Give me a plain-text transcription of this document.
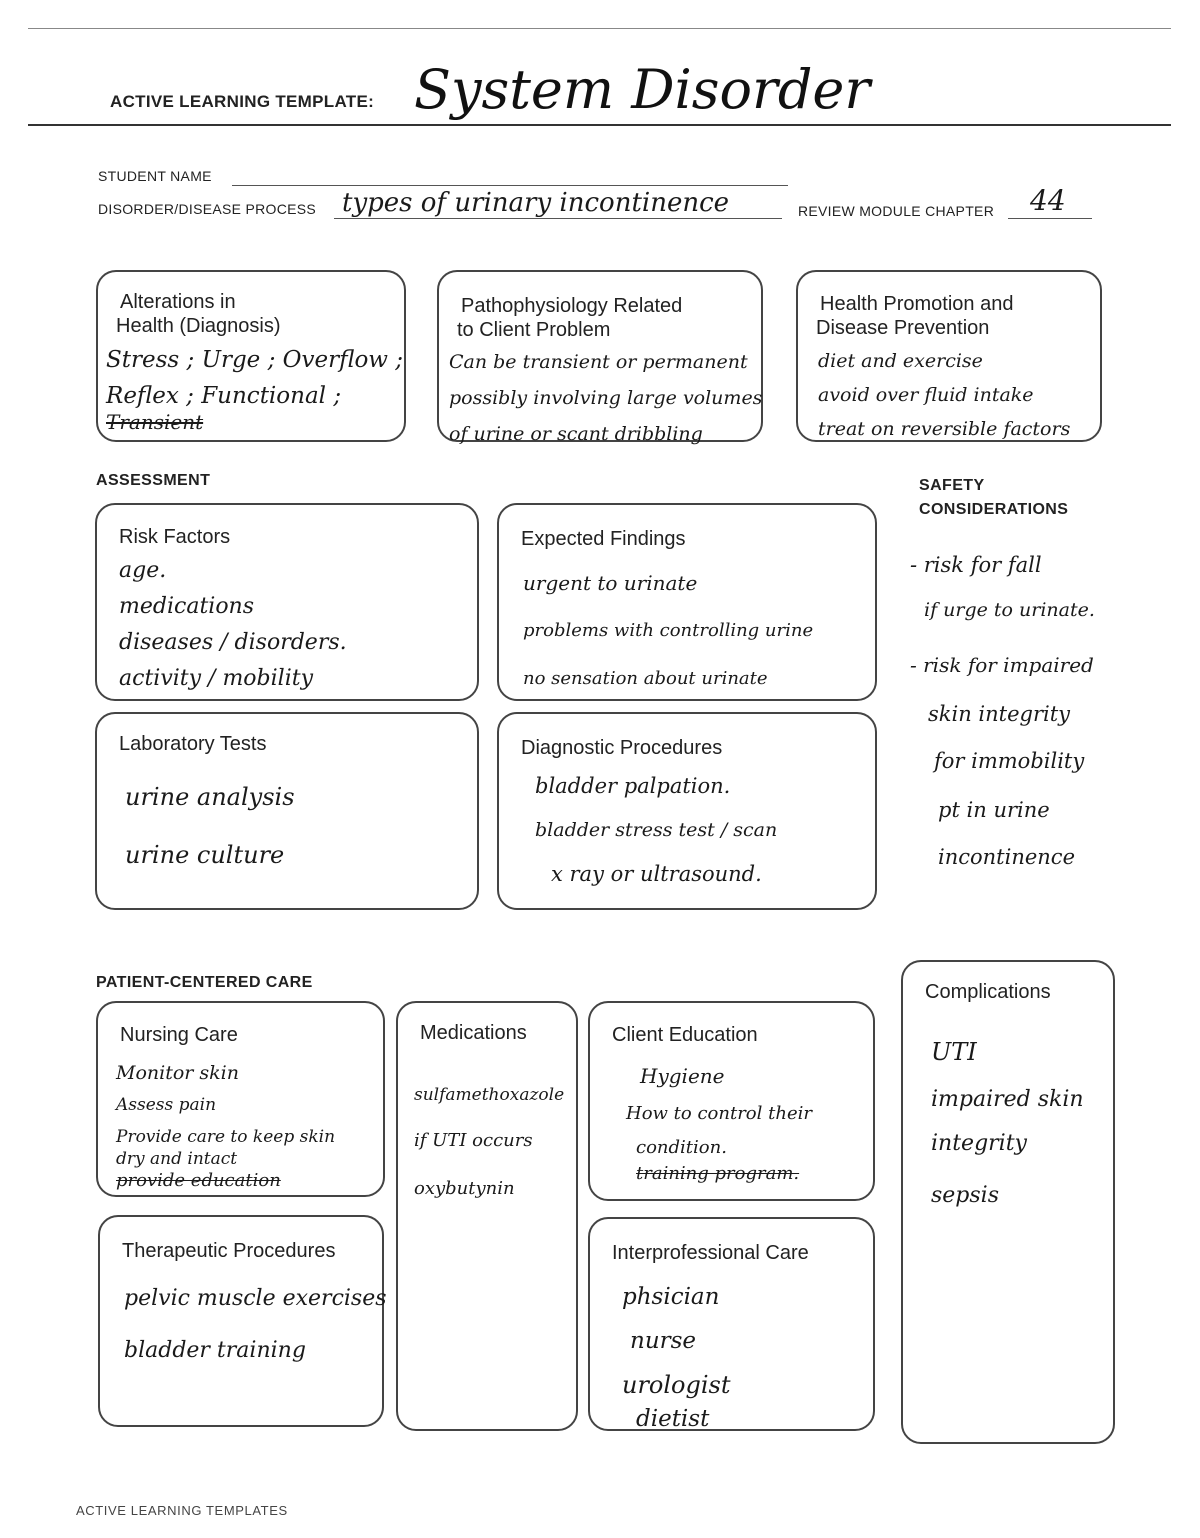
ACTIVE LEARNING TEMPLATE: System Disorder
STUDENT NAME
DISORDER/DISEASE PROCESS types of urinary incontinence	REVIEW MODULE CHAPTER 44
Alterations in
Health (Diagnosis)
Stress ; Urge ; Overflow ;
Reflex ; Functional ;
Transient
Pathophysiology Related
to Client Problem
Can be transient or permanent
possibly involving large volumes
of urine or scant dribbling
Health Promotion and
Disease Prevention
diet and exercise
avoid over fluid intake
treat on reversible factors
ASSESSMENT
Risk Factors
age.
medications
diseases / disorders.
activity / mobility
Expected Findings
urgent to urinate
problems with controlling urine
no sensation about urinate
Laboratory Tests
urine analysis
urine culture
Diagnostic Procedures
bladder palpation.
bladder stress test / scan
x ray or ultrasound.
SAFETY
CONSIDERATIONS
- risk for fall
if urge to urinate.
- risk for impaired
skin integrity
for immobility
pt in urine
incontinence
PATIENT-CENTERED CARE
Nursing Care
Monitor skin
Assess pain
Provide care to keep skin
dry and intact
provide education
Medications
sulfamethoxazole
if UTI occurs
oxybutynin
Client Education
Hygiene
How to control their
condition.
training program.
Complications
UTI
impaired skin
integrity
sepsis
Therapeutic Procedures
pelvic muscle exercises
bladder training
Interprofessional Care
phsician
nurse
urologist
dietist
ACTIVE LEARNING TEMPLATES
